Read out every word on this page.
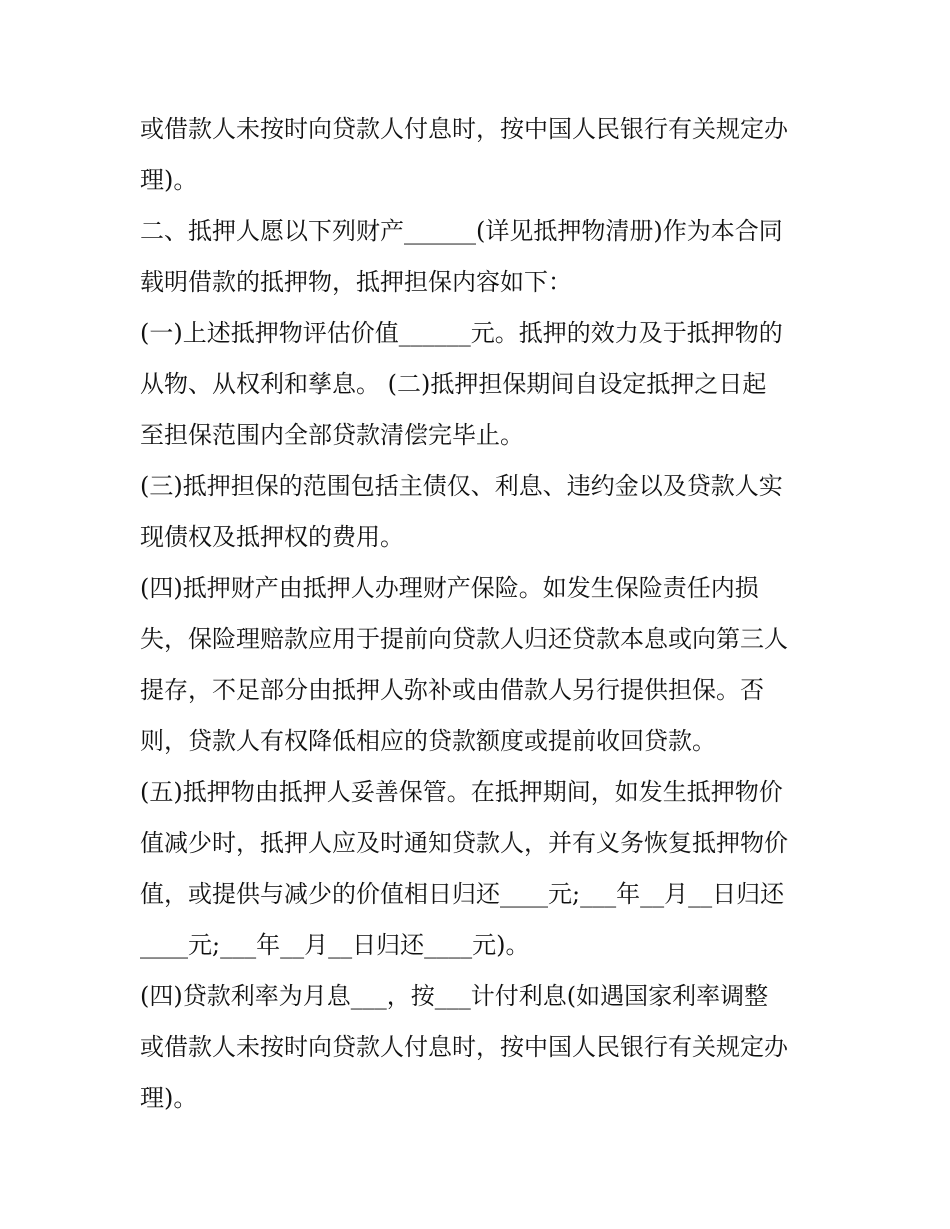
或借款人未按时向贷款人付息时，按中国人民银行有关规定办
理)。
二、抵押人愿以下列财产______(详见抵押物清册)作为本合同
载明借款的抵押物，抵押担保内容如下：
(一)上述抵押物评估价值______元。抵押的效力及于抵押物的
从物、从权利和孳息。 (二)抵押担保期间自设定抵押之日起
至担保范围内全部贷款清偿完毕止。
(三)抵押担保的范围包括主债仅、利息、违约金以及贷款人实
现债权及抵押权的费用。
(四)抵押财产由抵押人办理财产保险。如发生保险责任内损
失，保险理赔款应用于提前向贷款人归还贷款本息或向第三人
提存，不足部分由抵押人弥补或由借款人另行提供担保。否
则，贷款人有权降低相应的贷款额度或提前收回贷款。
(五)抵押物由抵押人妥善保管。在抵押期间，如发生抵押物价
值减少时，抵押人应及时通知贷款人，并有义务恢复抵押物价
值，或提供与减少的价值相日归还____元;___年__月__日归还
____元;___年__月__日归还____元)。
(四)贷款利率为月息___，按___计付利息(如遇国家利率调整
或借款人未按时向贷款人付息时，按中国人民银行有关规定办
理)。
